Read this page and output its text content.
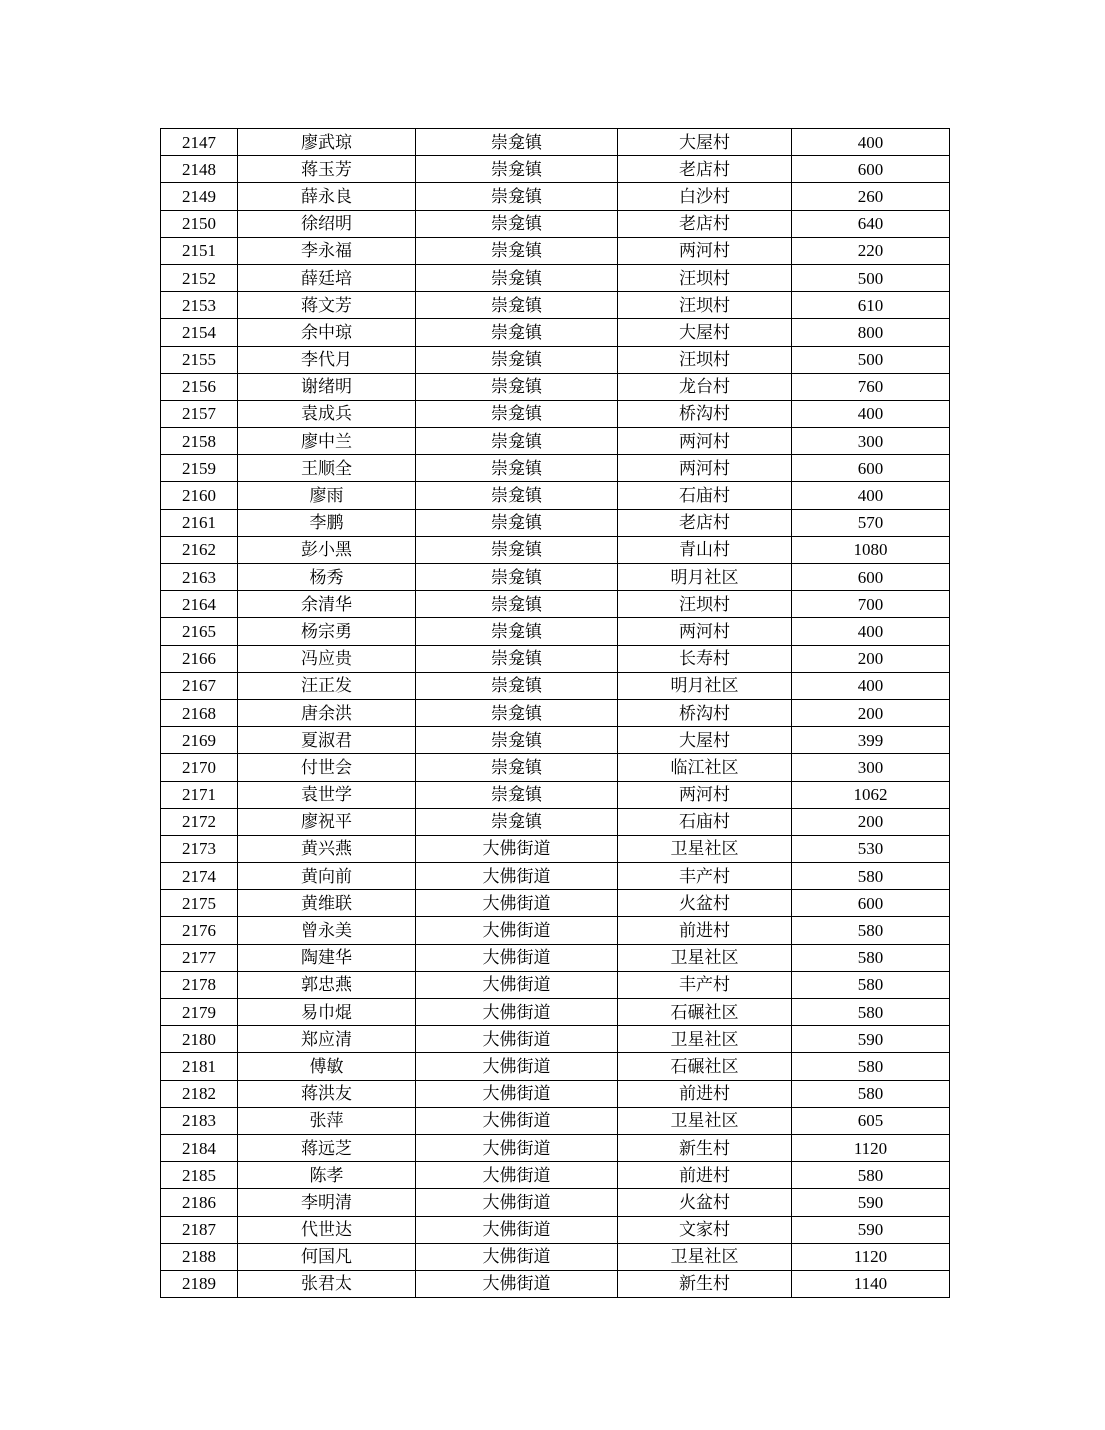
2147	廖武琼	崇龛镇	大屋村	400
2148	蒋玉芳	崇龛镇	老店村	600
2149	薛永良	崇龛镇	白沙村	260
2150	徐绍明	崇龛镇	老店村	640
2151	李永福	崇龛镇	两河村	220
2152	薛廷培	崇龛镇	汪坝村	500
2153	蒋文芳	崇龛镇	汪坝村	610
2154	余中琼	崇龛镇	大屋村	800
2155	李代月	崇龛镇	汪坝村	500
2156	谢绪明	崇龛镇	龙台村	760
2157	袁成兵	崇龛镇	桥沟村	400
2158	廖中兰	崇龛镇	两河村	300
2159	王顺全	崇龛镇	两河村	600
2160	廖雨	崇龛镇	石庙村	400
2161	李鹏	崇龛镇	老店村	570
2162	彭小黑	崇龛镇	青山村	1080
2163	杨秀	崇龛镇	明月社区	600
2164	余清华	崇龛镇	汪坝村	700
2165	杨宗勇	崇龛镇	两河村	400
2166	冯应贵	崇龛镇	长寿村	200
2167	汪正发	崇龛镇	明月社区	400
2168	唐余洪	崇龛镇	桥沟村	200
2169	夏淑君	崇龛镇	大屋村	399
2170	付世会	崇龛镇	临江社区	300
2171	袁世学	崇龛镇	两河村	1062
2172	廖祝平	崇龛镇	石庙村	200
2173	黄兴燕	大佛街道	卫星社区	530
2174	黄向前	大佛街道	丰产村	580
2175	黄维联	大佛街道	火盆村	600
2176	曾永美	大佛街道	前进村	580
2177	陶建华	大佛街道	卫星社区	580
2178	郭忠燕	大佛街道	丰产村	580
2179	易巾焜	大佛街道	石碾社区	580
2180	郑应清	大佛街道	卫星社区	590
2181	傅敏	大佛街道	石碾社区	580
2182	蒋洪友	大佛街道	前进村	580
2183	张萍	大佛街道	卫星社区	605
2184	蒋远芝	大佛街道	新生村	1120
2185	陈孝	大佛街道	前进村	580
2186	李明清	大佛街道	火盆村	590
2187	代世达	大佛街道	文家村	590
2188	何国凡	大佛街道	卫星社区	1120
2189	张君太	大佛街道	新生村	1140
